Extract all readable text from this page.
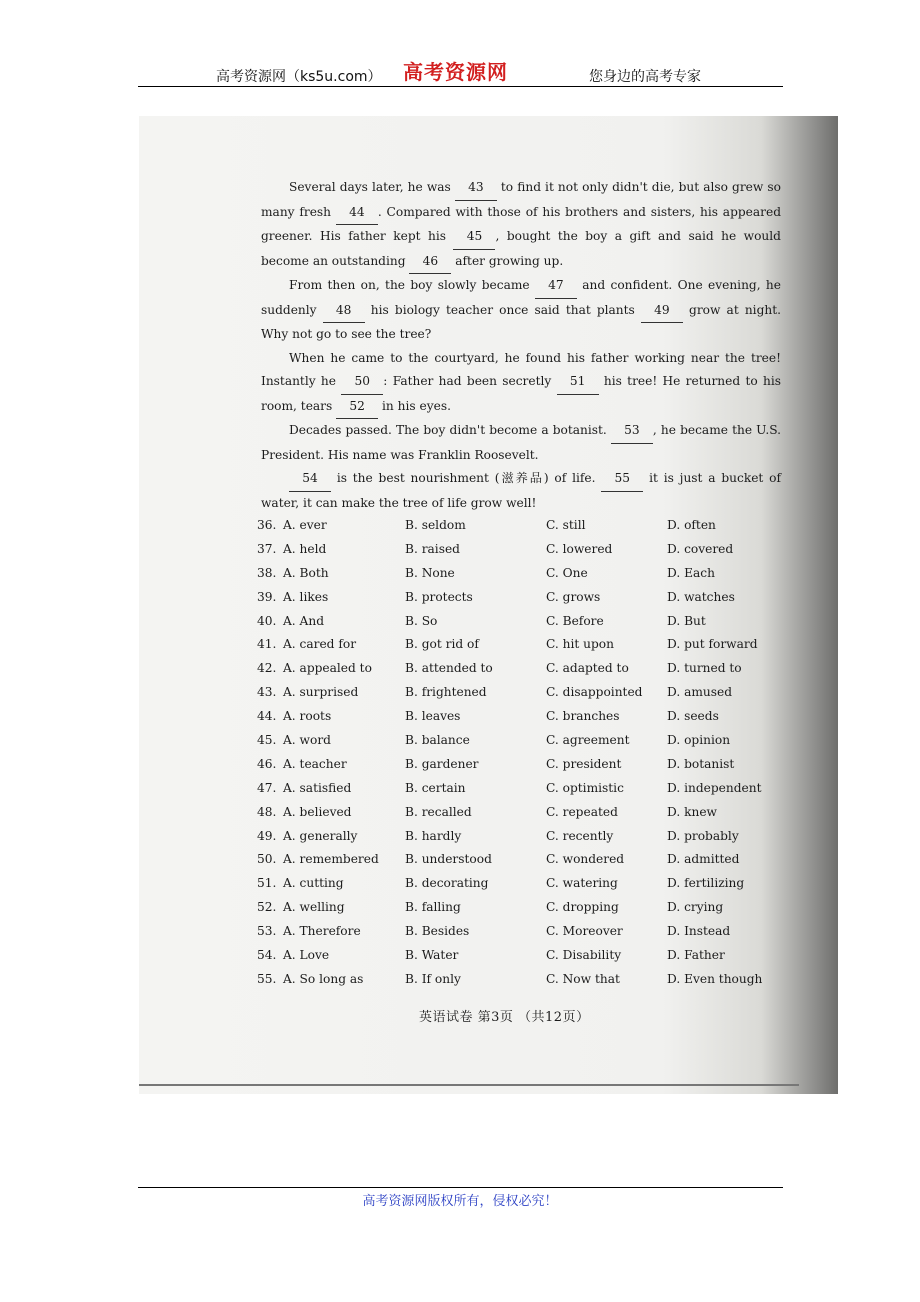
高考资源网（ks5u.com） 高考资源网	您身边的高考专家

Several days later, he was 43 to find it not only didn't die, but also grew so many fresh 44 . Compared with those of his brothers and sisters, his appeared greener. His father kept his 45 , bought the boy a gift and said he would become an outstanding 46 after growing up.

From then on, the boy slowly became 47 and confident. One evening, he suddenly 48 his biology teacher once said that plants 49 grow at night. Why not go to see the tree?

When he came to the courtyard, he found his father working near the tree! Instantly he 50 : Father had been secretly 51 his tree! He returned to his room, tears 52 in his eyes.

Decades passed. The boy didn't become a botanist. 53 , he became the U.S. President. His name was Franklin Roosevelt.

54 is the best nourishment (滋养品) of life. 55 it is just a bucket of water, it can make the tree of life grow well!

36. A. ever	B. seldom	C. still	D. often
37. A. held	B. raised	C. lowered	D. covered
38. A. Both	B. None	C. One	D. Each
39. A. likes	B. protects	C. grows	D. watches
40. A. And	B. So	C. Before	D. But
41. A. cared for	B. got rid of	C. hit upon	D. put forward
42. A. appealed to	B. attended to	C. adapted to	D. turned to
43. A. surprised	B. frightened	C. disappointed D. amused
44. A. roots	B. leaves	C. branches	D. seeds
45. A. word	B. balance	C. agreement	D. opinion
46. A. teacher	B. gardener	C. president	D. botanist
47. A. satisfied	B. certain	C. optimistic	D. independent
48. A. believed	B. recalled	C. repeated	D. knew
49. A. generally	B. hardly	C. recently	D. probably
50. A. remembered B. understood	C. wondered	D. admitted
51. A. cutting	B. decorating	C. watering	D. fertilizing
52. A. welling	B. falling	C. dropping	D. crying
53. A. Therefore	B. Besides	C. Moreover	D. Instead
54. A. Love	B. Water	C. Disability	D. Father
55. A. So long as	B. If only	C. Now that	D. Even though
英语试卷 第3页 （共12页）
高考资源网版权所有，侵权必究！
